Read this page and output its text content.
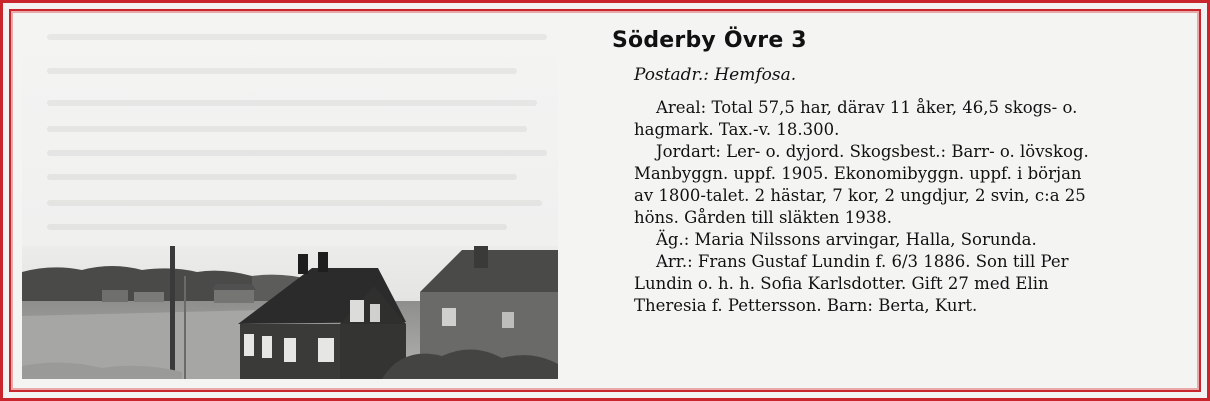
Söderby Övre 3
Postadr.: Hemfosa.
Areal: Total 57,5 har, därav 11 åker, 46,5 skogs- o.
hagmark. Tax.-v. 18.300.
Jordart: Ler- o. dyjord. Skogsbest.: Barr- o. lövskog.
Manbyggn. uppf. 1905. Ekonomibyggn. uppf. i början
av 1800-talet. 2 hästar, 7 kor, 2 ungdjur, 2 svin, c:a 25
höns. Gården till släkten 1938.
Äg.: Maria Nilssons arvingar, Halla, Sorunda.
Arr.: Frans Gustaf Lundin f. 6/3 1886. Son till Per
Lundin o. h. h. Sofia Karlsdotter. Gift 27 med Elin
Theresia f. Pettersson. Barn: Berta, Kurt.
